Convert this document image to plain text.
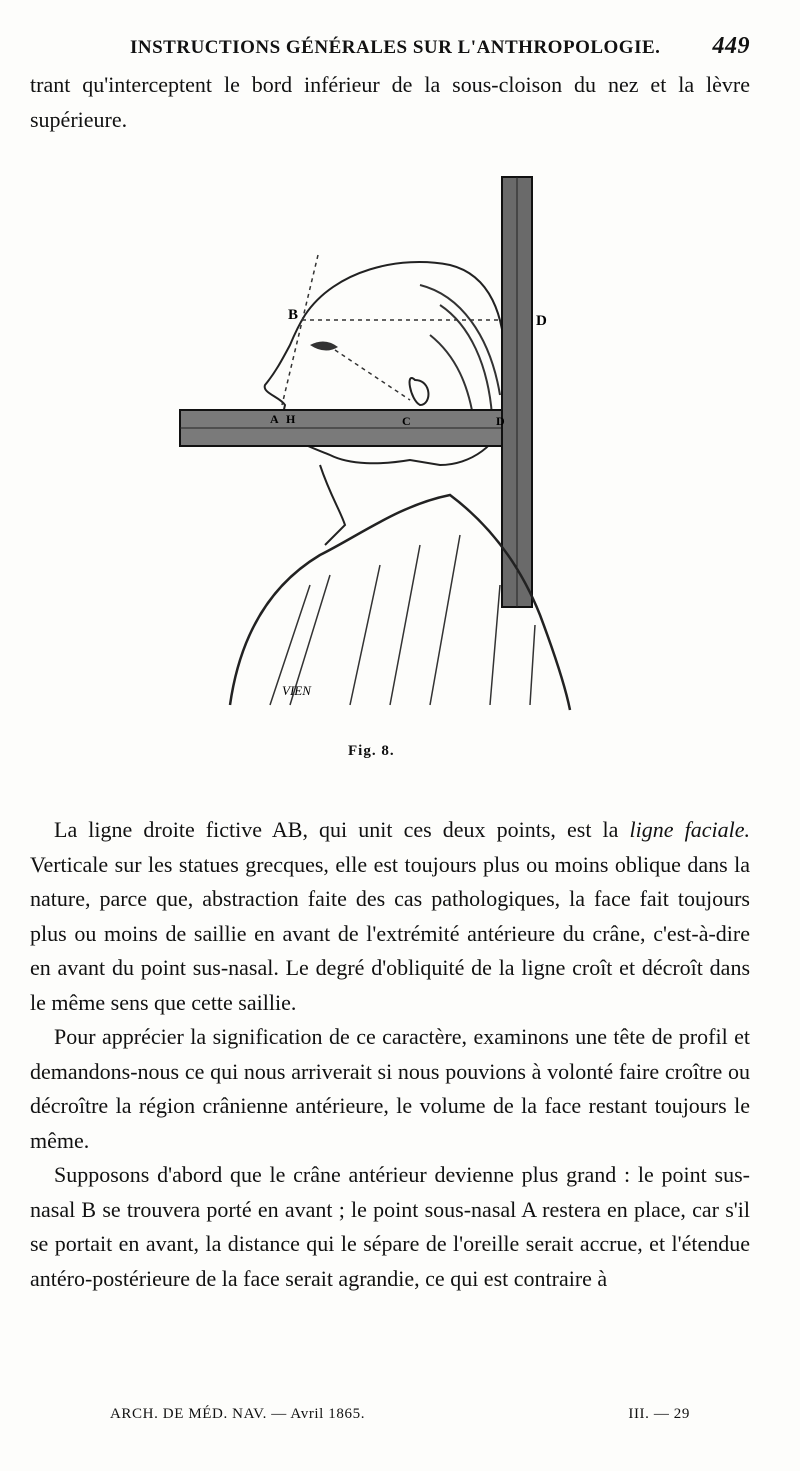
INSTRUCTIONS GÉNÉRALES SUR L'ANTHROPOLOGIE. 449

trant qu'interceptent le bord inférieur de la sous-cloison du nez et la lèvre supérieure.

B	D
A H	C	D
VIEN
Fig. 8.

La ligne droite fictive AB, qui unit ces deux points, est la ligne faciale. Verticale sur les statues grecques, elle est toujours plus ou moins oblique dans la nature, parce que, abstraction faite des cas pathologiques, la face fait toujours plus ou moins de saillie en avant de l'extrémité antérieure du crâne, c'est-à-dire en avant du point sus-nasal. Le degré d'obliquité de la ligne croît et décroît dans le même sens que cette saillie.

Pour apprécier la signification de ce caractère, examinons une tête de profil et demandons-nous ce qui nous arriverait si nous pouvions à volonté faire croître ou décroître la région crânienne antérieure, le volume de la face restant toujours le même.

Supposons d'abord que le crâne antérieur devienne plus grand : le point sus-nasal B se trouvera porté en avant ; le point sous-nasal A restera en place, car s'il se portait en avant, la distance qui le sépare de l'oreille serait accrue, et l'étendue antéro-postérieure de la face serait agrandie, ce qui est contraire à

ARCH. DE MÉD. NAV. — Avril 1865.	III. — 29
